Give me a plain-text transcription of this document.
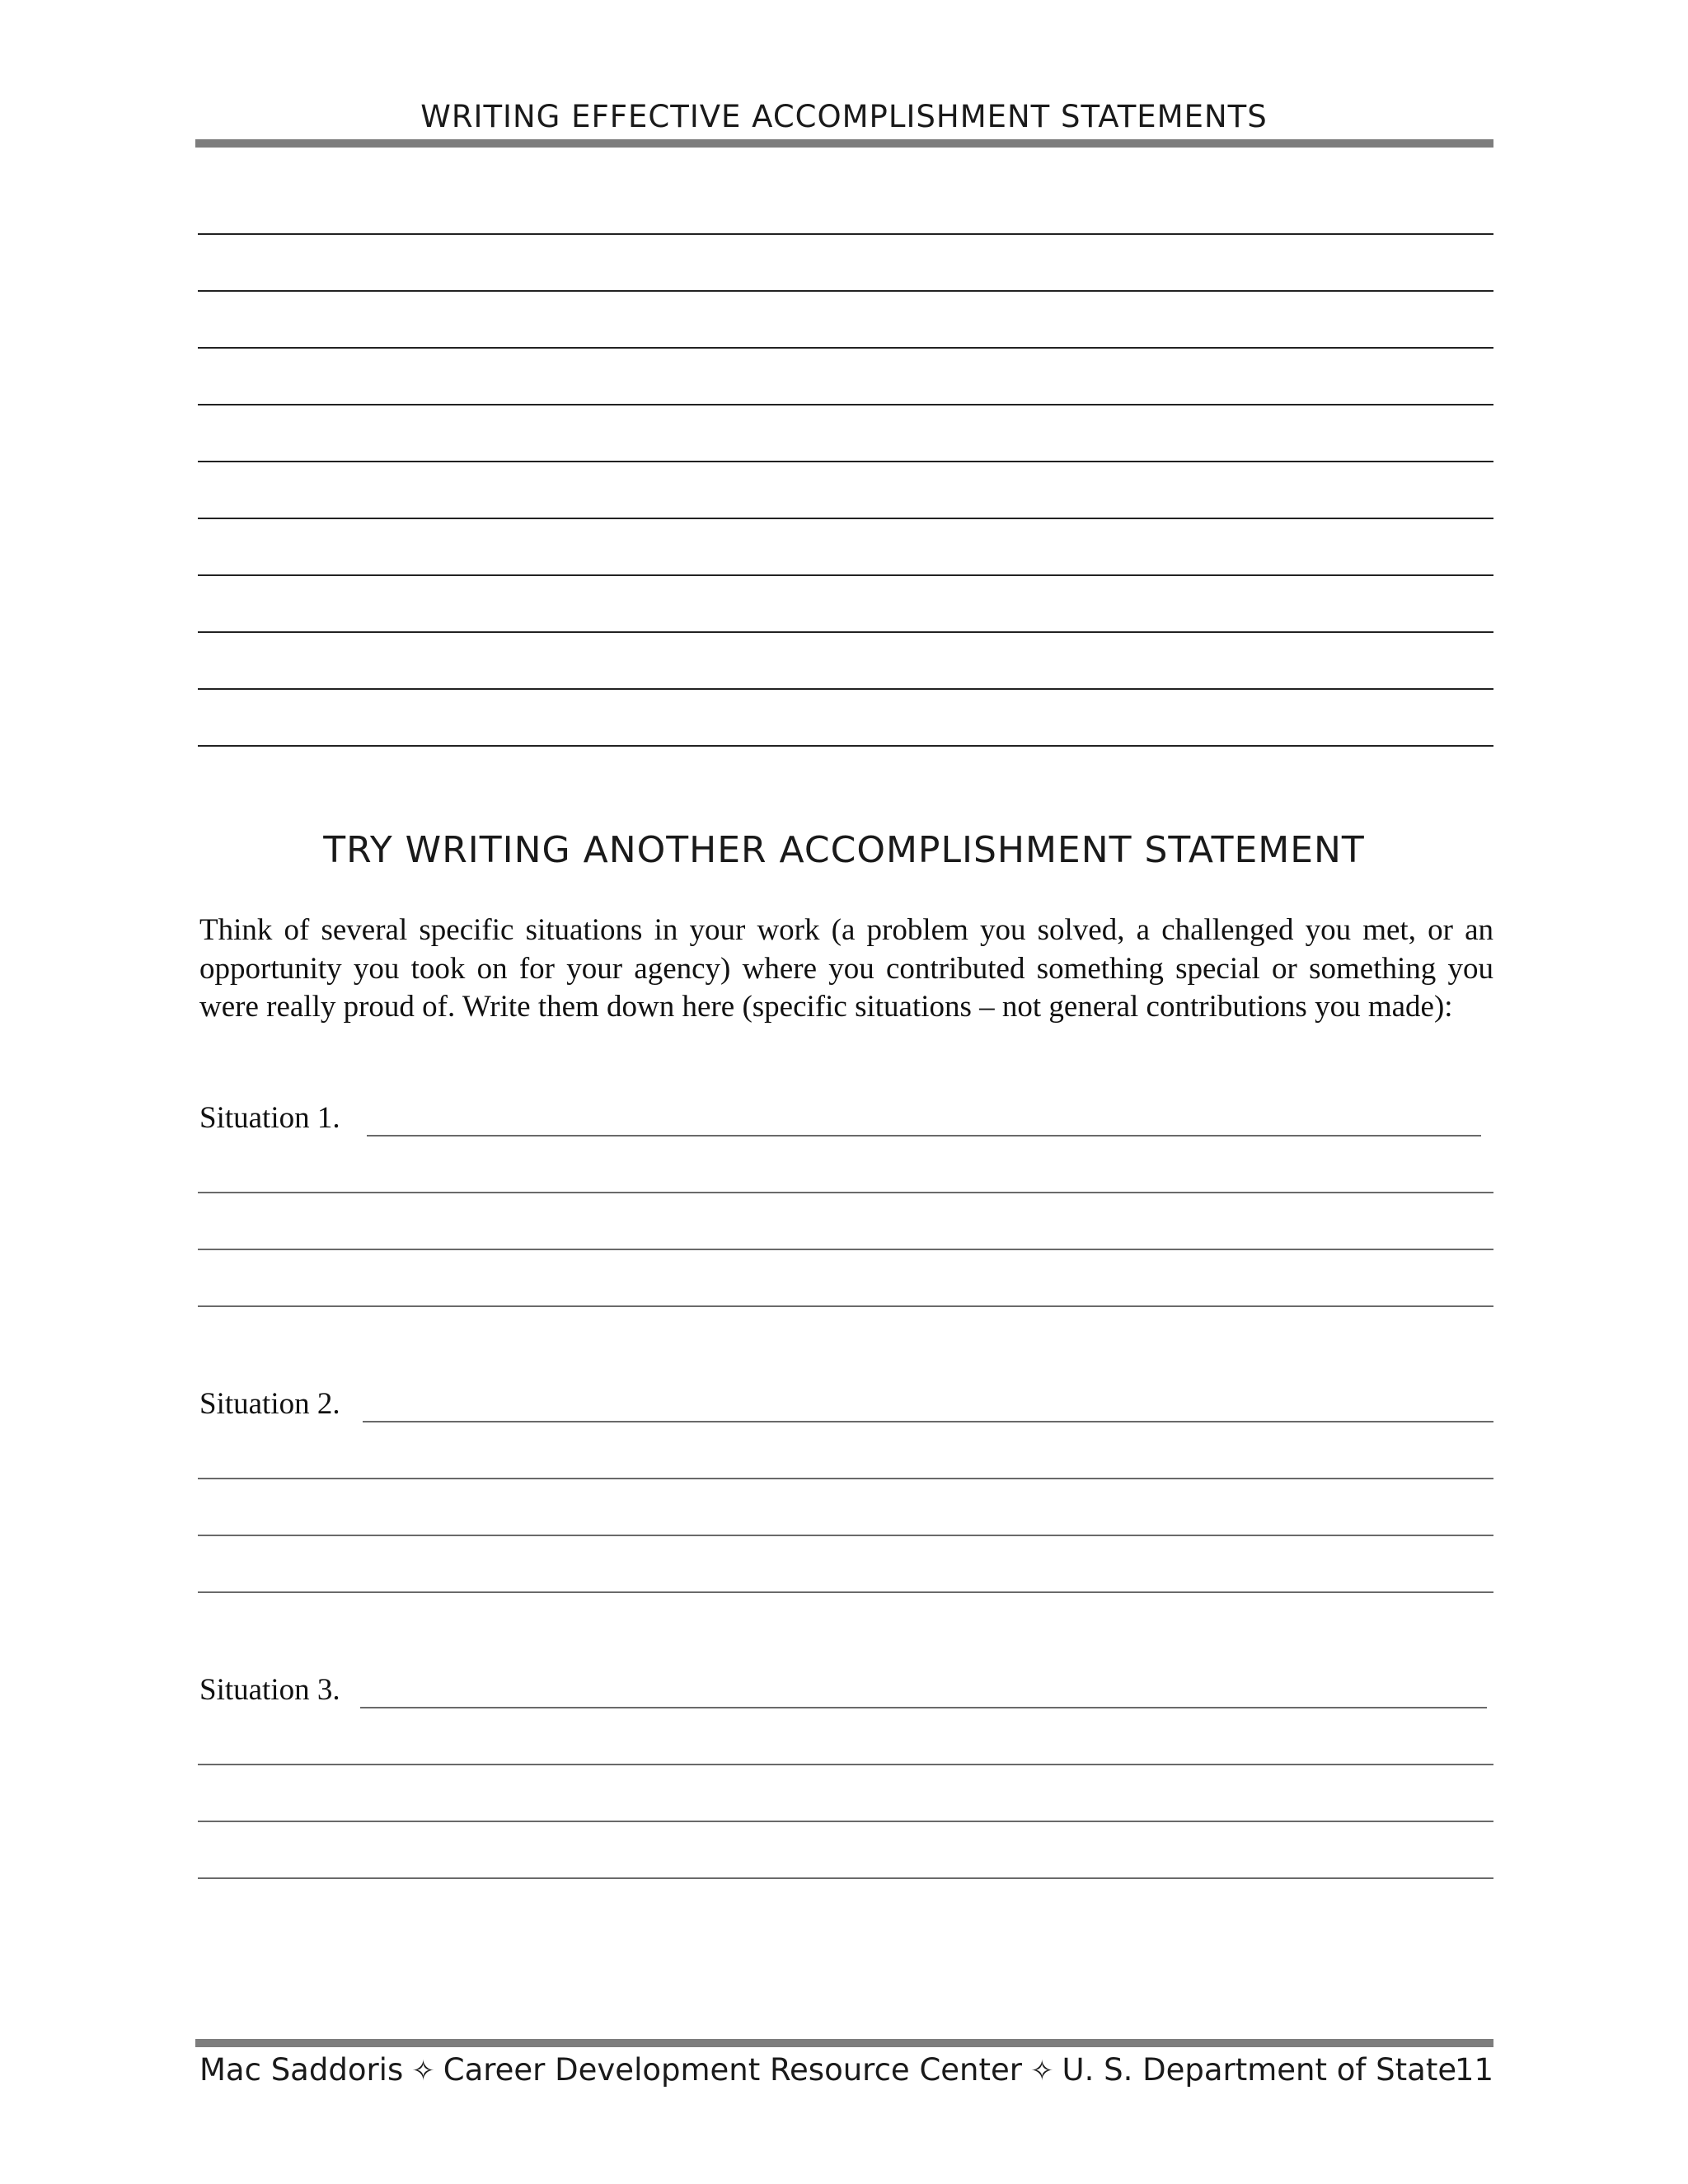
WRITING EFFECTIVE ACCOMPLISHMENT STATEMENTS
TRY WRITING ANOTHER ACCOMPLISHMENT STATEMENT
Think of several specific situations in your work (a problem you solved, a challenged you met, or an opportunity you took on for your agency) where you contributed something special or something you were really proud of. Write them down here (specific situations – not general contributions you made):
Situation 1.
Situation 2.
Situation 3.
Mac Saddoris ✧ Career Development Resource Center ✧ U. S. Department of State
11
